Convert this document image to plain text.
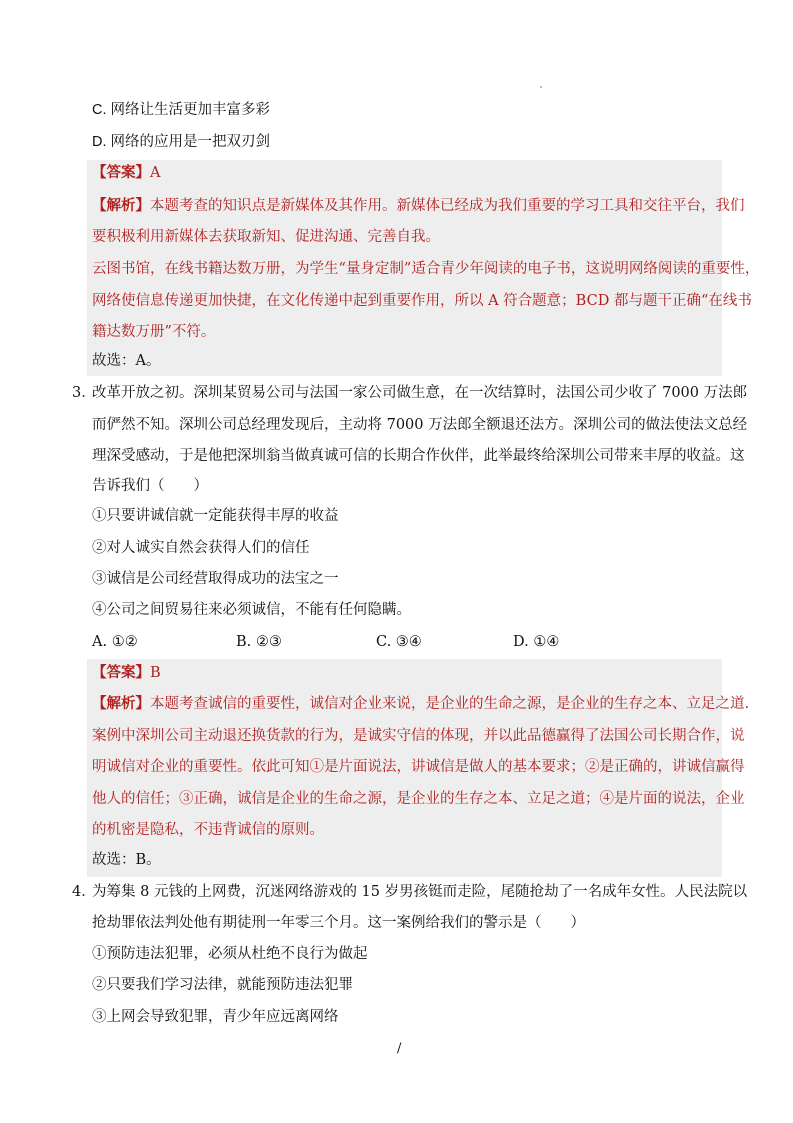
C. 网络让生活更加丰富多彩
D. 网络的应用是一把双刃剑
【答案】A
【解析】本题考查的知识点是新媒体及其作用。新媒体已经成为我们重要的学习工具和交往平台，我们
要积极利用新媒体去获取新知、促进沟通、完善自我。
云图书馆，在线书籍达数万册，为学生“量身定制”适合青少年阅读的电子书，这说明网络阅读的重要性，
网络使信息传递更加快捷，在文化传递中起到重要作用，所以 A 符合题意；BCD 都与题干正确“在线书
籍达数万册”不符。
故选：A。
3．
改革开放之初。深圳某贸易公司与法国一家公司做生意，在一次结算时，法国公司少收了 7000 万法郎
而俨然不知。深圳公司总经理发现后，主动将 7000 万法郎全额退还法方。深圳公司的做法使法文总经
理深受感动，于是他把深圳翁当做真诚可信的长期合作伙伴，此举最终给深圳公司带来丰厚的收益。这
告诉我们（　　）
①只要讲诚信就一定能获得丰厚的收益
②对人诚实自然会获得人们的信任
③诚信是公司经营取得成功的法宝之一
④公司之间贸易往来必须诚信，不能有任何隐瞒。
A. ①②	B. ②③	C. ③④	D. ①④
【答案】B
【解析】本题考查诚信的重要性，诚信对企业来说，是企业的生命之源，是企业的生存之本、立足之道.
案例中深圳公司主动退还换货款的行为，是诚实守信的体现，并以此品德赢得了法国公司长期合作，说
明诚信对企业的重要性。依此可知①是片面说法，讲诚信是做人的基本要求；②是正确的，讲诚信赢得
他人的信任；③正确，诚信是企业的生命之源，是企业的生存之本、立足之道；④是片面的说法，企业
的机密是隐私，不违背诚信的原则。
故选：B。
4．
为筹集 8 元钱的上网费，沉迷网络游戏的 15 岁男孩铤而走险，尾随抢劫了一名成年女性。人民法院以
抢劫罪依法判处他有期徒刑一年零三个月。这一案例给我们的警示是（　　）
①预防违法犯罪，必须从杜绝不良行为做起
②只要我们学习法律，就能预防违法犯罪
③上网会导致犯罪，青少年应远离网络
/
